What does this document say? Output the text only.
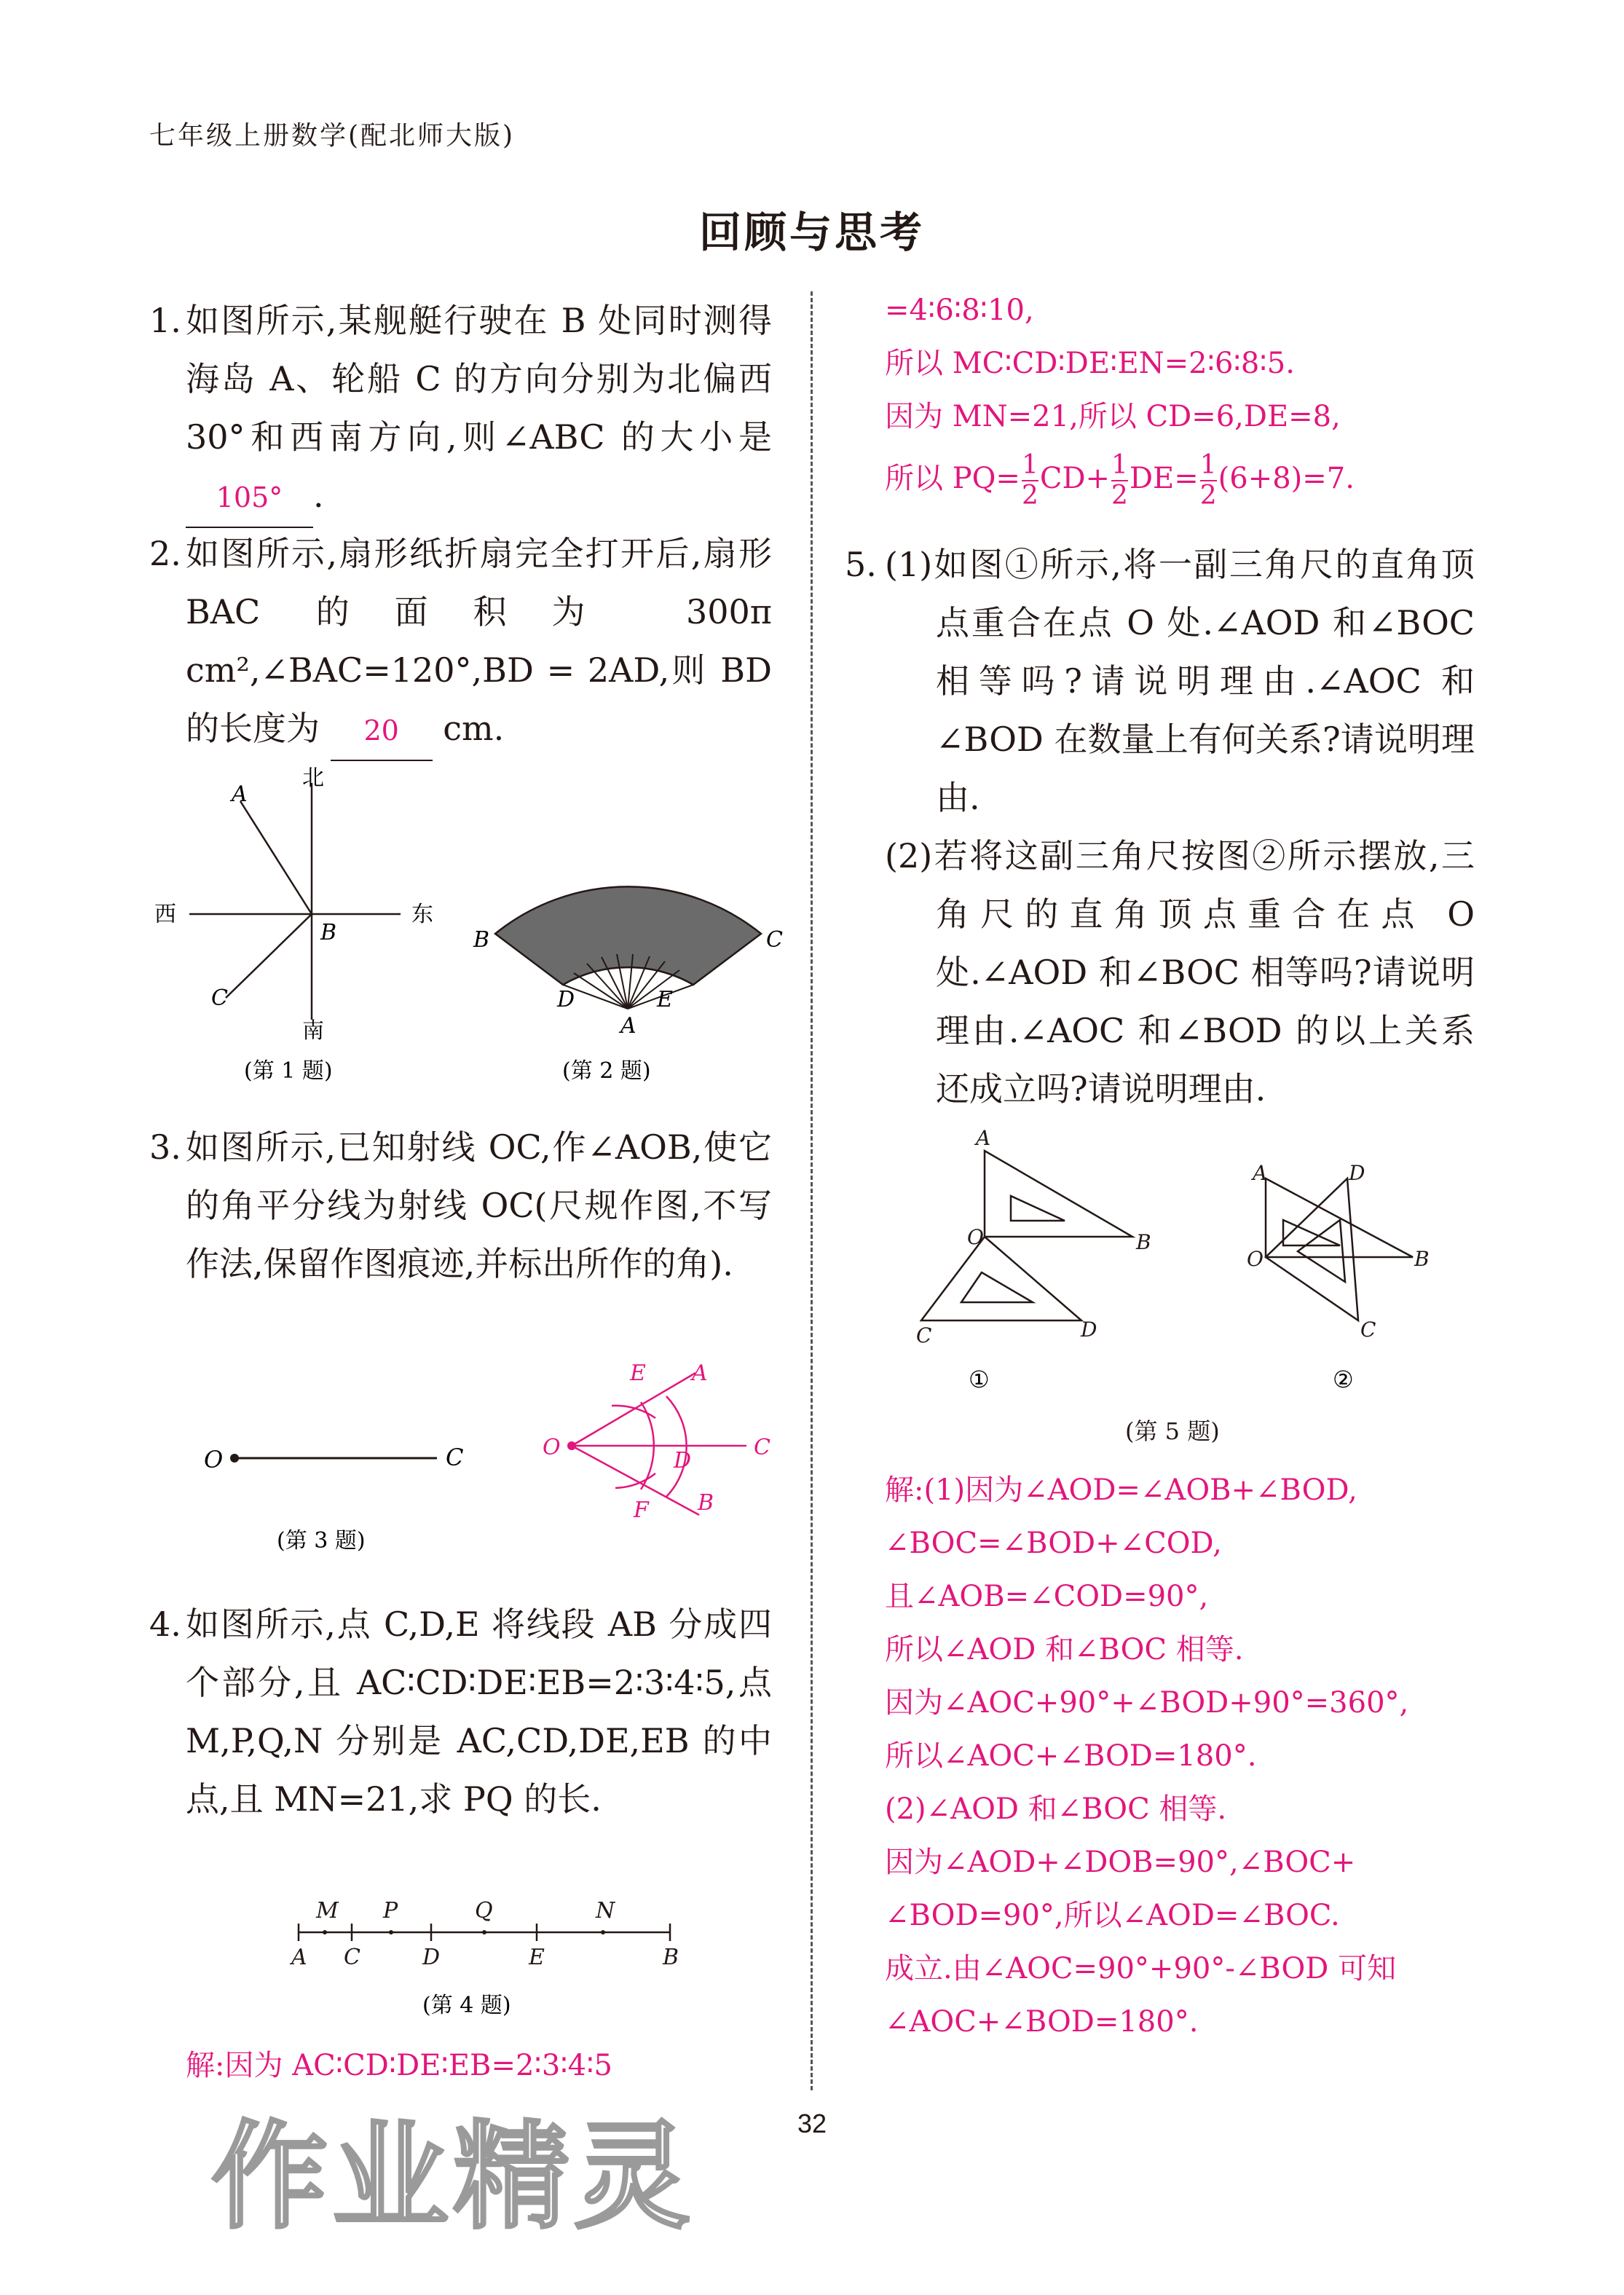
七年级上册数学(配北师大版)
回顾与思考
1. 如图所示,某舰艇行驶在 B 处同时测得海岛 A、轮船 C 的方向分别为北偏西 30°和西南方向,则∠ABC 的大小是105° .
2. 如图所示,扇形纸折扇完全打开后,扇形 BAC 的面积为 300π cm²,∠BAC=120°,BD = 2AD,则 BD 的长度为 20 cm.
北
西	东
南
A
B
C
(第 1 题)
B	C
D	E
A
(第 2 题)
3. 如图所示,已知射线 OC,作∠AOB,使它的角平分线为射线 OC(尺规作图,不写作法,保留作图痕迹,并标出所作的角).
O	C
(第 3 题)
O
E A
C
D
F B
4. 如图所示,点 C,D,E 将线段 AB 分成四个部分,且 AC∶CD∶DE∶EB=2∶3∶4∶5,点 M,P,Q,N 分别是 AC,CD,DE,EB 的中点,且 MN=21,求 PQ 的长.
M P	Q	N
A C	D	E	B
(第 4 题)
解:因为 AC∶CD∶DE∶EB=2∶3∶4∶5
=4∶6∶8∶10,
所以 MC∶CD∶DE∶EN=2∶6∶8∶5.
因为 MN=21,所以 CD=6,DE=8,
所以 $PQ= \frac{1}{2} CD+ \frac{1}{2} DE= \frac{1}{2} (6+8)=7$.
5. (1)如图①所示,将一副三角尺的直角顶点重合在点 O 处.∠AOD 和∠BOC 相等吗?请说明理由.∠AOC 和∠BOD 在数量上有何关系?请说明理由.
(2)若将这副三角尺按图②所示摆放,三角尺的直角顶点重合在点 O 处.∠AOD 和∠BOC 相等吗?请说明理由.∠AOC 和∠BOD 的以上关系还成立吗?请说明理由.
A
O	B
C	D
①
A	D
O	B
C
②
(第 5 题)
解:(1)因为∠AOD=∠AOB+∠BOD,
∠BOC=∠BOD+∠COD,
且∠AOB=∠COD=90°,
所以∠AOD 和∠BOC 相等.
因为∠AOC+90°+∠BOD+90°=360°,
所以∠AOC+∠BOD=180°.
(2)∠AOD 和∠BOC 相等.
因为∠AOD+∠DOB=90°,∠BOC+
∠BOD=90°,所以∠AOD=∠BOC.
成立.由∠AOC=90°+90°-∠BOD 可知
∠AOC+∠BOD=180°.
32
作业精灵
